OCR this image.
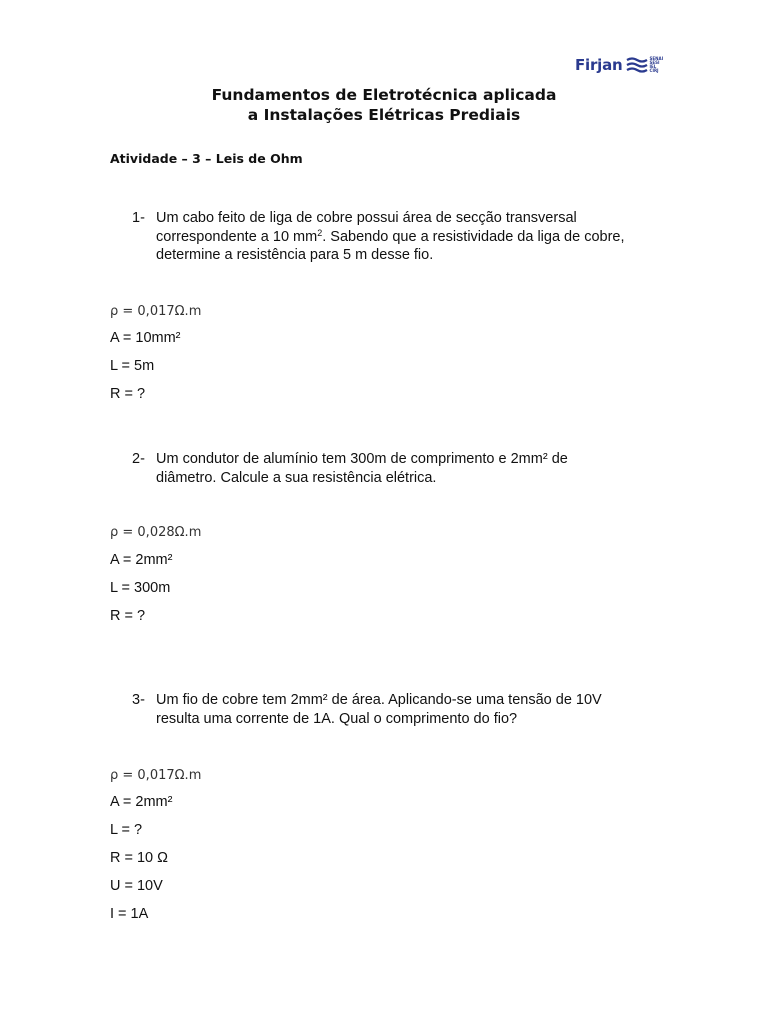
Firjan	SENAI
SESI
IEL
CIRJ
Fundamentos de Eletrotécnica aplicada
a Instalações Elétricas Prediais
Atividade – 3 – Leis de Ohm
1- Um cabo feito de liga de cobre possui área de secção transversal
correspondente a 10 $mm^2$. Sabendo que a resistividade da liga de cobre,
determine a resistência para 5 m desse fio.
ρ = 0,017Ω.m
A = 10mm²
L = 5m
R = ?
2- Um condutor de alumínio tem 300m de comprimento e 2mm² de
diâmetro. Calcule a sua resistência elétrica.
ρ = 0,028Ω.m
A = 2mm²
L = 300m
R = ?
3- Um fio de cobre tem 2mm² de área. Aplicando-se uma tensão de 10V
resulta uma corrente de 1A. Qual o comprimento do fio?
ρ = 0,017Ω.m
A = 2mm²
L = ?
R = 10 Ω
U = 10V
I = 1A
